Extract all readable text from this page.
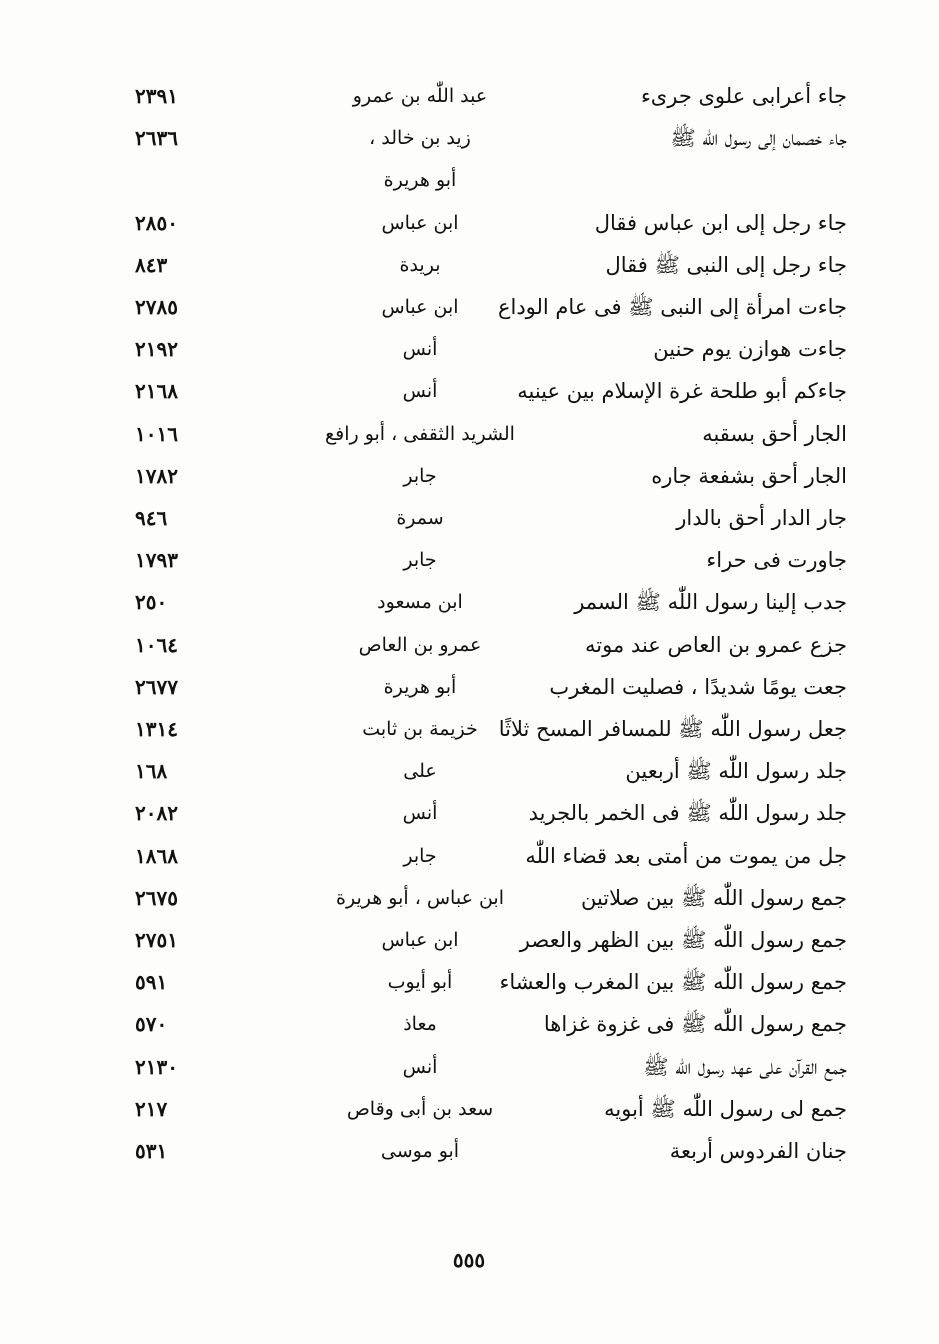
جاء أعرابى علوى جرىء
عبد اللّٰه بن عمرو
٢٣٩١
جاء خصمان إلى رسول اللّٰه ﷺ
زيد بن خالد ،
٢٦٣٦
أبو هريرة
جاء رجل إلى ابن عباس فقال
ابن عباس
٢٨٥٠
جاء رجل إلى النبى ﷺ فقال
بريدة
٨٤٣
جاءت امرأة إلى النبى ﷺ فى عام الوداع
ابن عباس
٢٧٨٥
جاءت هوازن يوم حنين
أنس
٢١٩٢
جاءكم أبو طلحة غرة الإسلام بين عينيه
أنس
٢١٦٨
الجار أحق بسقبه
الشريد الثقفى ، أبو رافع
١٠١٦
الجار أحق بشفعة جاره
جابر
١٧٨٢
جار الدار أحق بالدار
سمرة
٩٤٦
جاورت فى حراء
جابر
١٧٩٣
جدب إلينا رسول اللّٰه ﷺ السمر
ابن مسعود
٢٥٠
جزع عمرو بن العاص عند موته
عمرو بن العاص
١٠٦٤
جعت يومًا شديدًا ، فصليت المغرب
أبو هريرة
٢٦٧٧
جعل رسول اللّٰه ﷺ للمسافر المسح ثلاثًا
خزيمة بن ثابت
١٣١٤
جلد رسول اللّٰه ﷺ أربعين
على
١٦٨
جلد رسول اللّٰه ﷺ فى الخمر بالجريد
أنس
٢٠٨٢
جل من يموت من أمتى بعد قضاء اللّٰه
جابر
١٨٦٨
جمع رسول اللّٰه ﷺ بين صلاتين
ابن عباس ، أبو هريرة
٢٦٧٥
جمع رسول اللّٰه ﷺ بين الظهر والعصر
ابن عباس
٢٧٥١
جمع رسول اللّٰه ﷺ بين المغرب والعشاء
أبو أيوب
٥٩١
جمع رسول اللّٰه ﷺ فى غزوة غزاها
معاذ
٥٧٠
جمع القرآن على عهد رسول اللّٰه ﷺ
أنس
٢١٣٠
جمع لى رسول اللّٰه ﷺ أبويه
سعد بن أبى وقاص
٢١٧
جنان الفردوس أربعة
أبو موسى
٥٣١
٥٥٥
